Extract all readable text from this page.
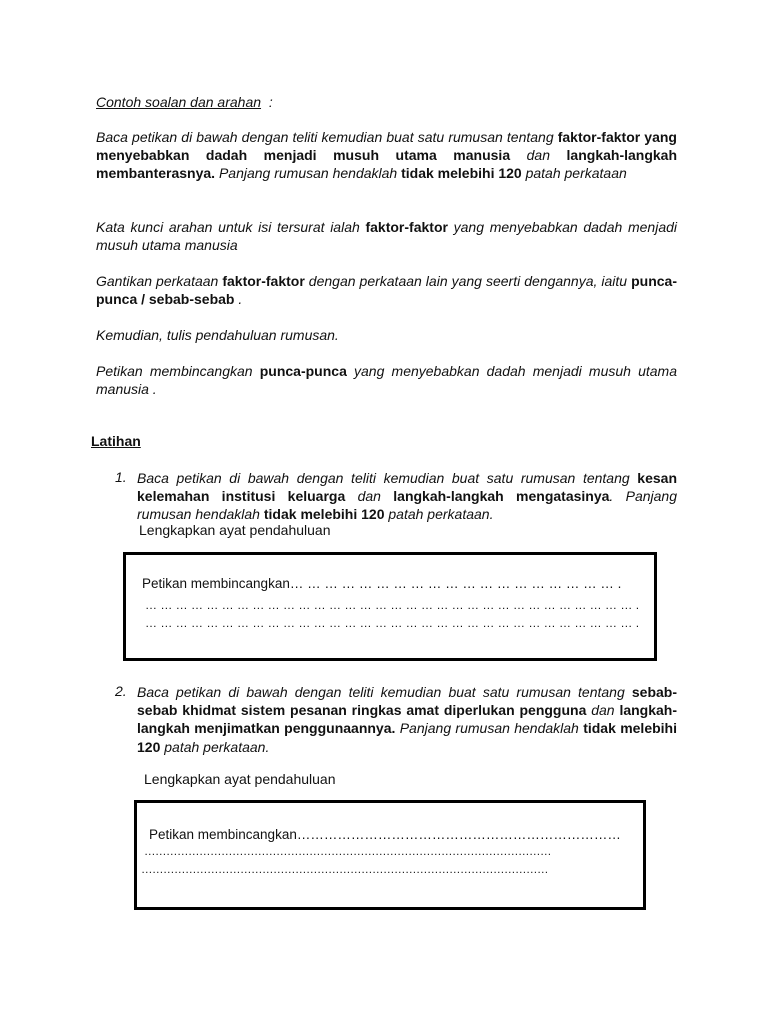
Contoh soalan dan arahan :
Baca petikan di bawah dengan teliti kemudian buat satu rumusan tentang faktor-faktor yang menyebabkan dadah menjadi musuh utama manusia dan langkah-langkah membanterasnya. Panjang rumusan hendaklah tidak melebihi 120 patah perkataan
Kata kunci arahan untuk isi tersurat ialah faktor-faktor yang menyebabkan dadah menjadi musuh utama manusia
Gantikan perkataan faktor-faktor dengan perkataan lain yang seerti dengannya, iaitu punca-punca / sebab-sebab .
Kemudian, tulis pendahuluan rumusan.
Petikan membincangkan punca-punca yang menyebabkan dadah menjadi musuh utama manusia .
Latihan
1. Baca petikan di bawah dengan teliti kemudian buat satu rumusan tentang kesan kelemahan institusi keluarga dan langkah-langkah mengatasinya. Panjang rumusan hendaklah tidak melebihi 120 patah perkataan.
Lengkapkan ayat pendahuluan
Petikan membincangkan… … … … … … … … … … … … … … … … … … … .
… … … … … … … … … … … … … … … … … … … … … … … … … … … … … … … … .
… … … … … … … … … … … … … … … … … … … … … … … … … … … … … … … … .
2. Baca petikan di bawah dengan teliti kemudian buat satu rumusan tentang sebab-sebab khidmat sistem pesanan ringkas amat diperlukan pengguna dan langkah-langkah menjimatkan penggunaannya. Panjang rumusan hendaklah tidak melebihi 120 patah perkataan.
Lengkapkan ayat pendahuluan
Petikan membincangkan………………………………………………………………
…………………………………………………………………………………………………
…………………………………………………………………………………………………
